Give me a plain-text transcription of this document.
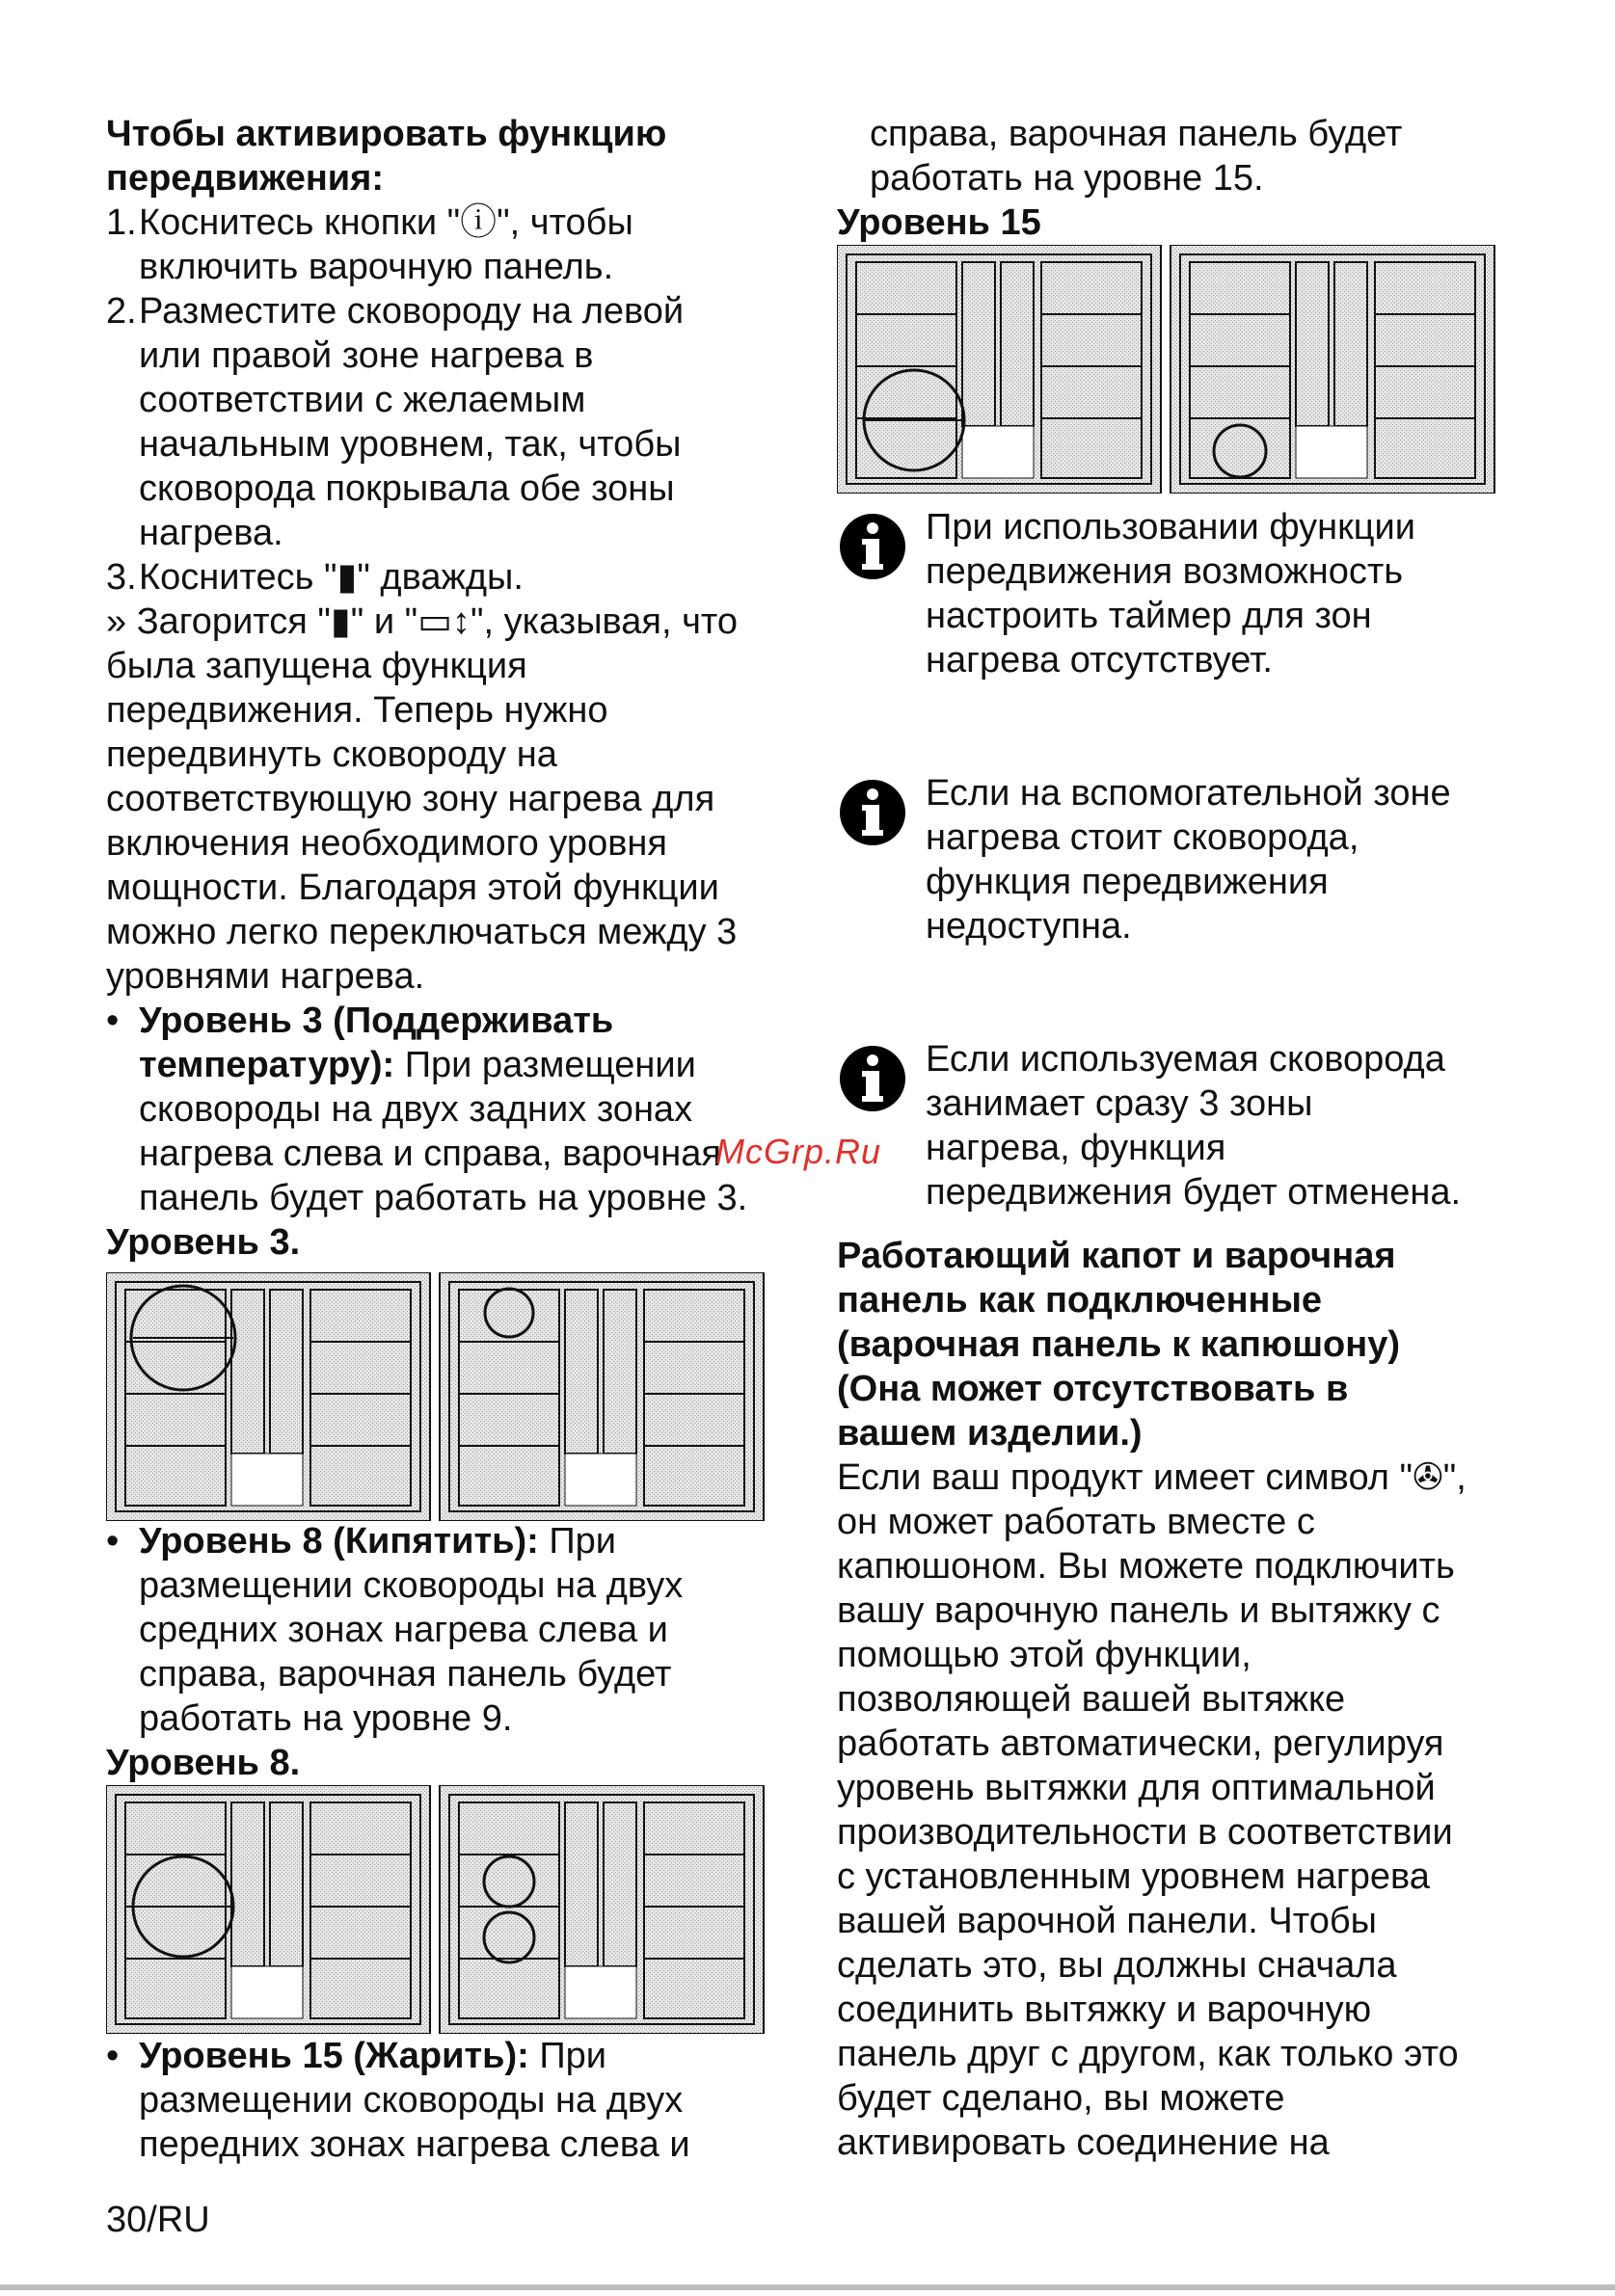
Чтобы активировать функцию

передвижения:

1. Коснитесь кнопки "ⓘ", чтобы
включить варочную панель.
2. Разместите сковороду на левой
или правой зоне нагрева в
соответствии с желаемым
начальным уровнем, так, чтобы
сковорода покрывала обе зоны
нагрева.
3. Коснитесь "▮" дважды.
» Загорится "▮" и "▭↕", указывая, что
была запущена функция
передвижения. Теперь нужно
передвинуть сковороду на
соответствующую зону нагрева для
включения необходимого уровня
мощности. Благодаря этой функции
можно легко переключаться между 3
уровнями нагрева.
• Уровень 3 (Поддерживать
температуру): При размещении
сковороды на двух задних зонах
нагрева слева и справа, варочная
панель будет работать на уровне 3.
Уровень 3.
• Уровень 8 (Кипятить): При
размещении сковороды на двух
средних зонах нагрева слева и
справа, варочная панель будет
работать на уровне 9.
Уровень 8.
• Уровень 15 (Жарить): При
размещении сковороды на двух
передних зонах нагрева слева и
справа, варочная панель будет
работать на уровне 15.
Уровень 15
При использовании функции
передвижения возможность
настроить таймер для зон
нагрева отсутствует.
Если на вспомогательной зоне
нагрева стоит сковорода,
функция передвижения
недоступна.
Если используемая сковорода
занимает сразу 3 зоны
нагрева, функция
передвижения будет отменена.
Работающий капот и варочная
панель как подключенные
(варочная панель к капюшону)
(Она может отсутствовать в
вашем изделии.)
Если ваш продукт имеет символ "✇",
он может работать вместе с
капюшоном. Вы можете подключить
вашу варочную панель и вытяжку с
помощью этой функции,
позволяющей вашей вытяжке
работать автоматически, регулируя
уровень вытяжки для оптимальной
производительности в соответствии
с установленным уровнем нагрева
вашей варочной панели. Чтобы
сделать это, вы должны сначала
соединить вытяжку и варочную
панель друг с другом, как только это
будет сделано, вы можете
активировать соединение на
McGrp.Ru
30/RU
